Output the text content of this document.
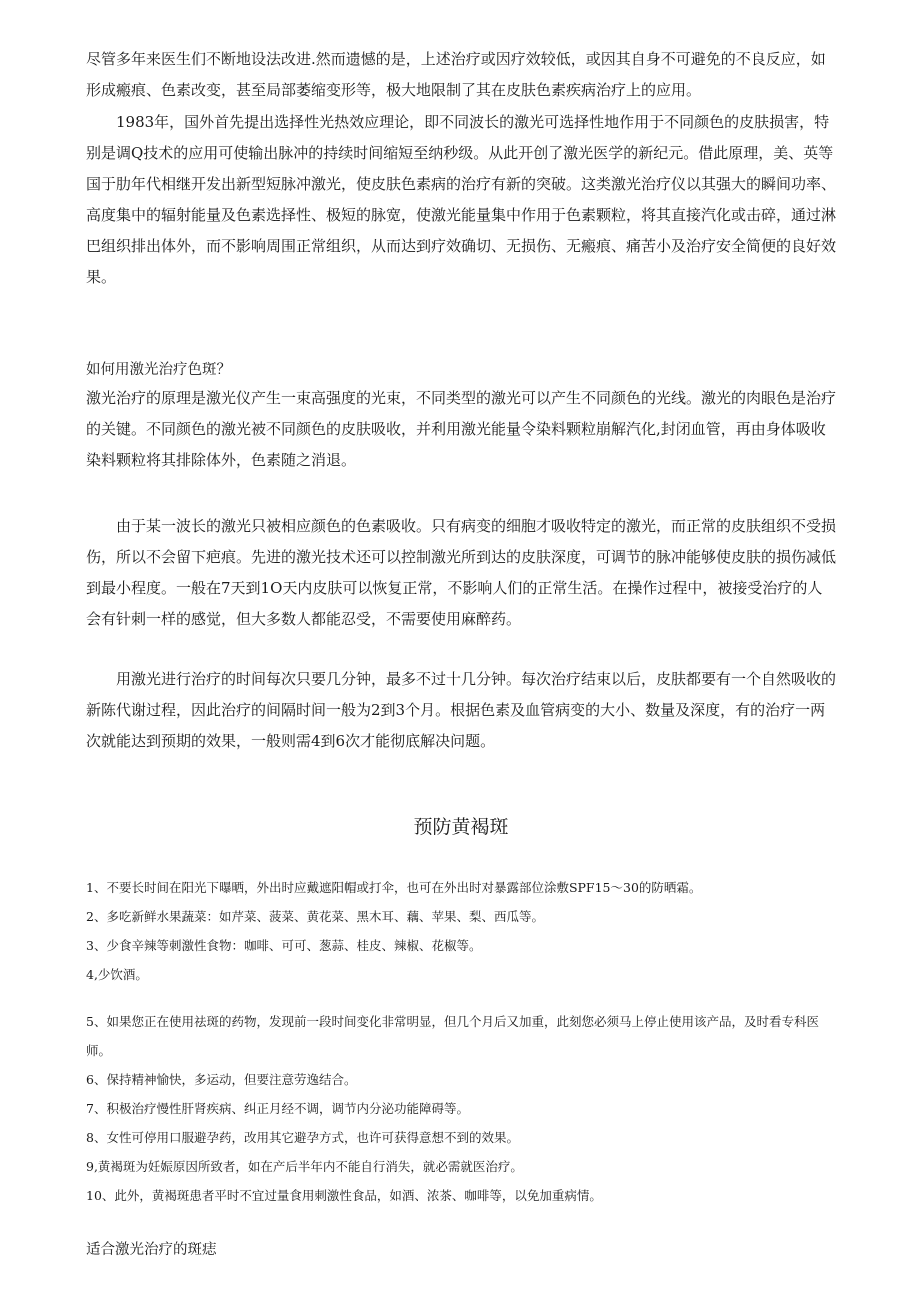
尽管多年来医生们不断地设法改进.然而遗憾的是，上述治疗或因疗效较低，或因其自身不可避免的不良反应，如形成瘢痕、色素改变，甚至局部萎缩变形等，极大地限制了其在皮肤色素疾病治疗上的应用。

1983年，国外首先提出选择性光热效应理论，即不同波长的激光可选择性地作用于不同颜色的皮肤损害，特别是调Q技术的应用可使输出脉冲的持续时间缩短至纳秒级。从此开创了激光医学的新纪元。借此原理，美、英等国于肋年代相继开发出新型短脉冲激光，使皮肤色素病的治疗有新的突破。这类激光治疗仪以其强大的瞬间功率、高度集中的辐射能量及色素选择性、极短的脉宽，使激光能量集中作用于色素颗粒，将其直接汽化或击碎，通过淋巴组织排出体外，而不影响周围正常组织，从而达到疗效确切、无损伤、无瘢痕、痛苦小及治疗安全简便的良好效果。

如何用激光治疗色斑？

激光治疗的原理是激光仪产生一束高强度的光束，不同类型的激光可以产生不同颜色的光线。激光的肉眼色是治疗的关键。不同颜色的激光被不同颜色的皮肤吸收，并利用激光能量令染料颗粒崩解汽化,封闭血管，再由身体吸收染料颗粒将其排除体外，色素随之消退。

由于某一波长的激光只被相应颜色的色素吸收。只有病变的细胞才吸收特定的激光，而正常的皮肤组织不受损伤，所以不会留下疤痕。先进的激光技术还可以控制激光所到达的皮肤深度，可调节的脉冲能够使皮肤的损伤减低到最小程度。一般在7天到1O天内皮肤可以恢复正常，不影响人们的正常生活。在操作过程中，被接受治疗的人会有针刺一样的感觉，但大多数人都能忍受，不需要使用麻醉药。

用激光进行治疗的时间每次只要几分钟，最多不过十几分钟。每次治疗结束以后，皮肤都要有一个自然吸收的新陈代谢过程，因此治疗的间隔时间一般为2到3个月。根据色素及血管病变的大小、数量及深度，有的治疗一两次就能达到预期的效果，一般则需4到6次才能彻底解决问题。

预防黄褐斑

1、不要长时间在阳光下曝晒，外出时应戴遮阳帽或打伞，也可在外出时对暴露部位涂敷SPF15～30的防晒霜。

2、多吃新鲜水果蔬菜：如芹菜、菠菜、黄花菜、黑木耳、藕、苹果、梨、西瓜等。

3、少食辛辣等刺激性食物：咖啡、可可、葱蒜、桂皮、辣椒、花椒等。

4,少饮酒。

5、如果您正在使用祛斑的药物，发现前一段时间变化非常明显，但几个月后又加重，此刻您必须马上停止使用该产品，及时看专科医师。

6、保持精神愉快，多运动，但要注意劳逸结合。

7、积极治疗慢性肝肾疾病、纠正月经不调，调节内分泌功能障碍等。

8、女性可停用口服避孕药，改用其它避孕方式，也许可获得意想不到的效果。

9,黄褐斑为妊娠原因所致者，如在产后半年内不能自行消失，就必需就医治疗。

10、此外，黄褐斑患者平时不宜过量食用刺激性食品，如酒、浓茶、咖啡等，以免加重病情。

适合激光治疗的斑痣
